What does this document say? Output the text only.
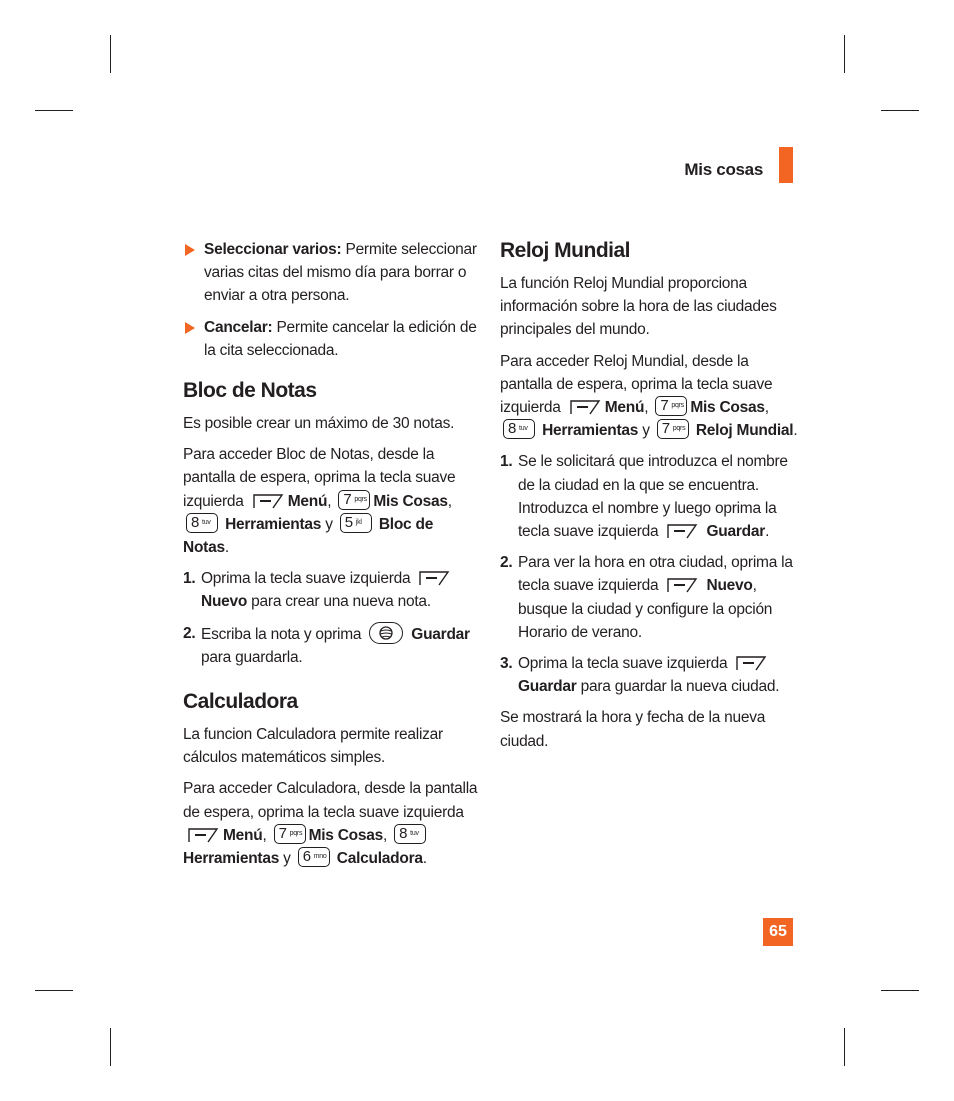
Mis cosas
Seleccionar varios: Permite seleccionar varias citas del mismo día para borrar o enviar a otra persona.
Cancelar: Permite cancelar la edición de la cita seleccionada.
Bloc de Notas

Es posible crear un máximo de 30 notas.

Para acceder Bloc de Notas, desde la pantalla de espera, oprima la tecla suave izquierda	Menú, 7 pqrs Mis Cosas,
8 tuv Herramientas y 5 jkl Bloc de Notas.

1. Oprima la tecla suave izquierda
Nuevo para crear una nueva nota.
2. Escriba la nota y oprima	Guardar
para guardarla.
Calculadora

La funcion Calculadora permite realizar cálculos matemáticos simples.

Para acceder Calculadora, desde la pantalla de espera, oprima la tecla suave izquierda
Menú, 7 pqrs Mis Cosas, 8 tuv
Herramientas y 6 mno Calculadora.

Reloj Mundial

La función Reloj Mundial proporciona información sobre la hora de las ciudades principales del mundo.

Para acceder Reloj Mundial, desde la pantalla de espera, oprima la tecla suave izquierda	Menú, 7 pqrs Mis Cosas,
8 tuv Herramientas y 7 pqrs Reloj Mundial.

1. Se le solicitará que introduzca el nombre de la ciudad en la que se encuentra. Introduzca el nombre y luego oprima la tecla suave izquierda	Guardar.
2. Para ver la hora en otra ciudad, oprima la tecla suave izquierda	Nuevo, busque la ciudad y configure la opción Horario de verano.
3. Oprima la tecla suave izquierda
Guardar para guardar la nueva ciudad.

Se mostrará la hora y fecha de la nueva ciudad.

65
